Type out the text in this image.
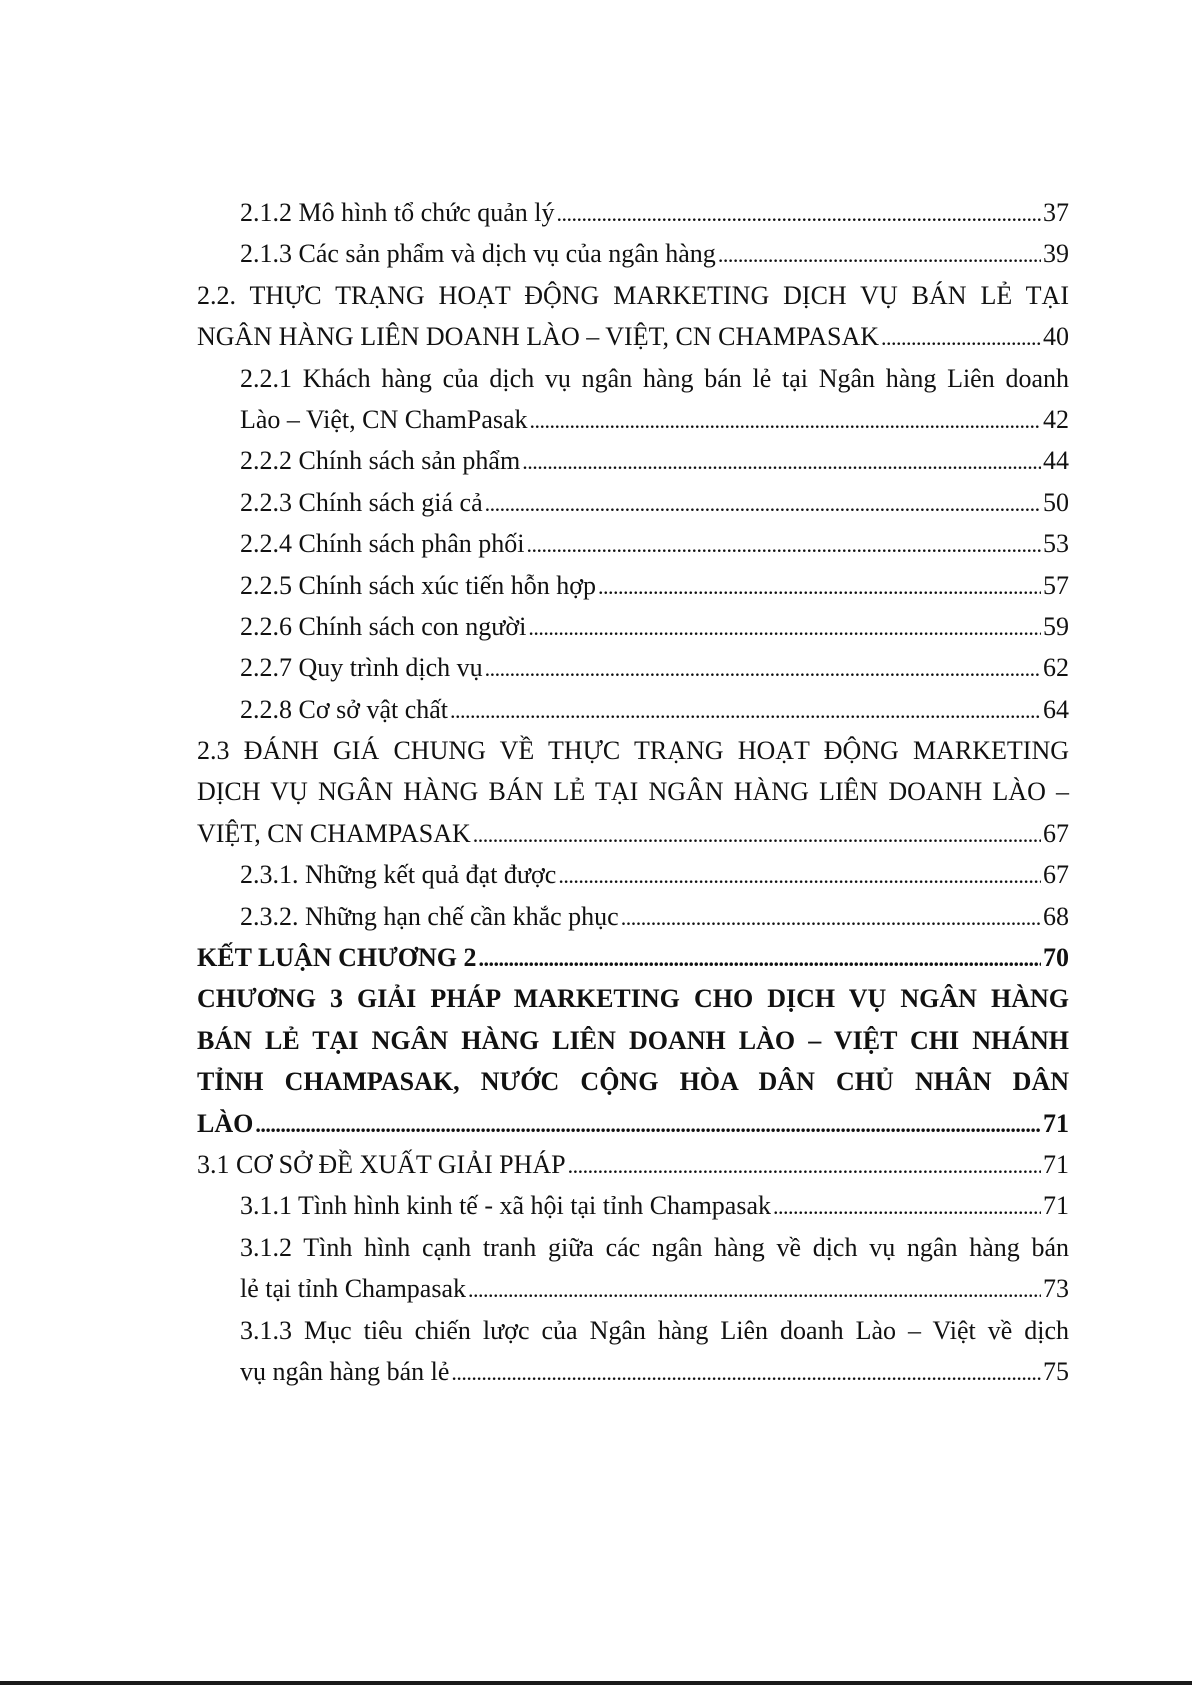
2.1.2 Mô hình tổ chức quản lý . . .	37
2.1.3 Các sản phẩm và dịch vụ của ngân hàng . . .	39
2.2. THỰC TRẠNG HOẠT ĐỘNG MARKETING DỊCH VỤ BÁN LẺ TẠI
NGÂN HÀNG LIÊN DOANH LÀO – VIỆT, CN CHAMPASAK . . .	40
2.2.1 Khách hàng của dịch vụ ngân hàng bán lẻ tại Ngân hàng Liên doanh
Lào – Việt, CN ChamPasak . . .	42
2.2.2 Chính sách sản phẩm . . .	44
2.2.3 Chính sách giá cả . . .	50
2.2.4 Chính sách phân phối . . .	53
2.2.5 Chính sách xúc tiến hỗn hợp . . .	57
2.2.6 Chính sách con người . . .	59
2.2.7 Quy trình dịch vụ . . .	62
2.2.8 Cơ sở vật chất . . .	64
2.3 ĐÁNH GIÁ CHUNG VỀ THỰC TRẠNG HOẠT ĐỘNG MARKETING
DỊCH VỤ NGÂN HÀNG BÁN LẺ TẠI NGÂN HÀNG LIÊN DOANH LÀO –
VIỆT, CN CHAMPASAK . . .	67
2.3.1. Những kết quả đạt được . . .	67
2.3.2. Những hạn chế cần khắc phục . . .	68
KẾT LUẬN CHƯƠNG 2 . . .	70
CHƯƠNG 3 GIẢI PHÁP MARKETING CHO DỊCH VỤ NGÂN HÀNG
BÁN LẺ TẠI NGÂN HÀNG LIÊN DOANH LÀO – VIỆT CHI NHÁNH
TỈNH CHAMPASAK, NƯỚC CỘNG HÒA DÂN CHỦ NHÂN DÂN
LÀO . . .	71
3.1 CƠ SỞ ĐỀ XUẤT GIẢI PHÁP . . .	71
3.1.1 Tình hình kinh tế - xã hội tại tỉnh Champasak . . .	71
3.1.2 Tình hình cạnh tranh giữa các ngân hàng về dịch vụ ngân hàng bán
lẻ tại tỉnh Champasak . . .	73
3.1.3 Mục tiêu chiến lược của Ngân hàng Liên doanh Lào – Việt về dịch
vụ ngân hàng bán lẻ . . .	75
